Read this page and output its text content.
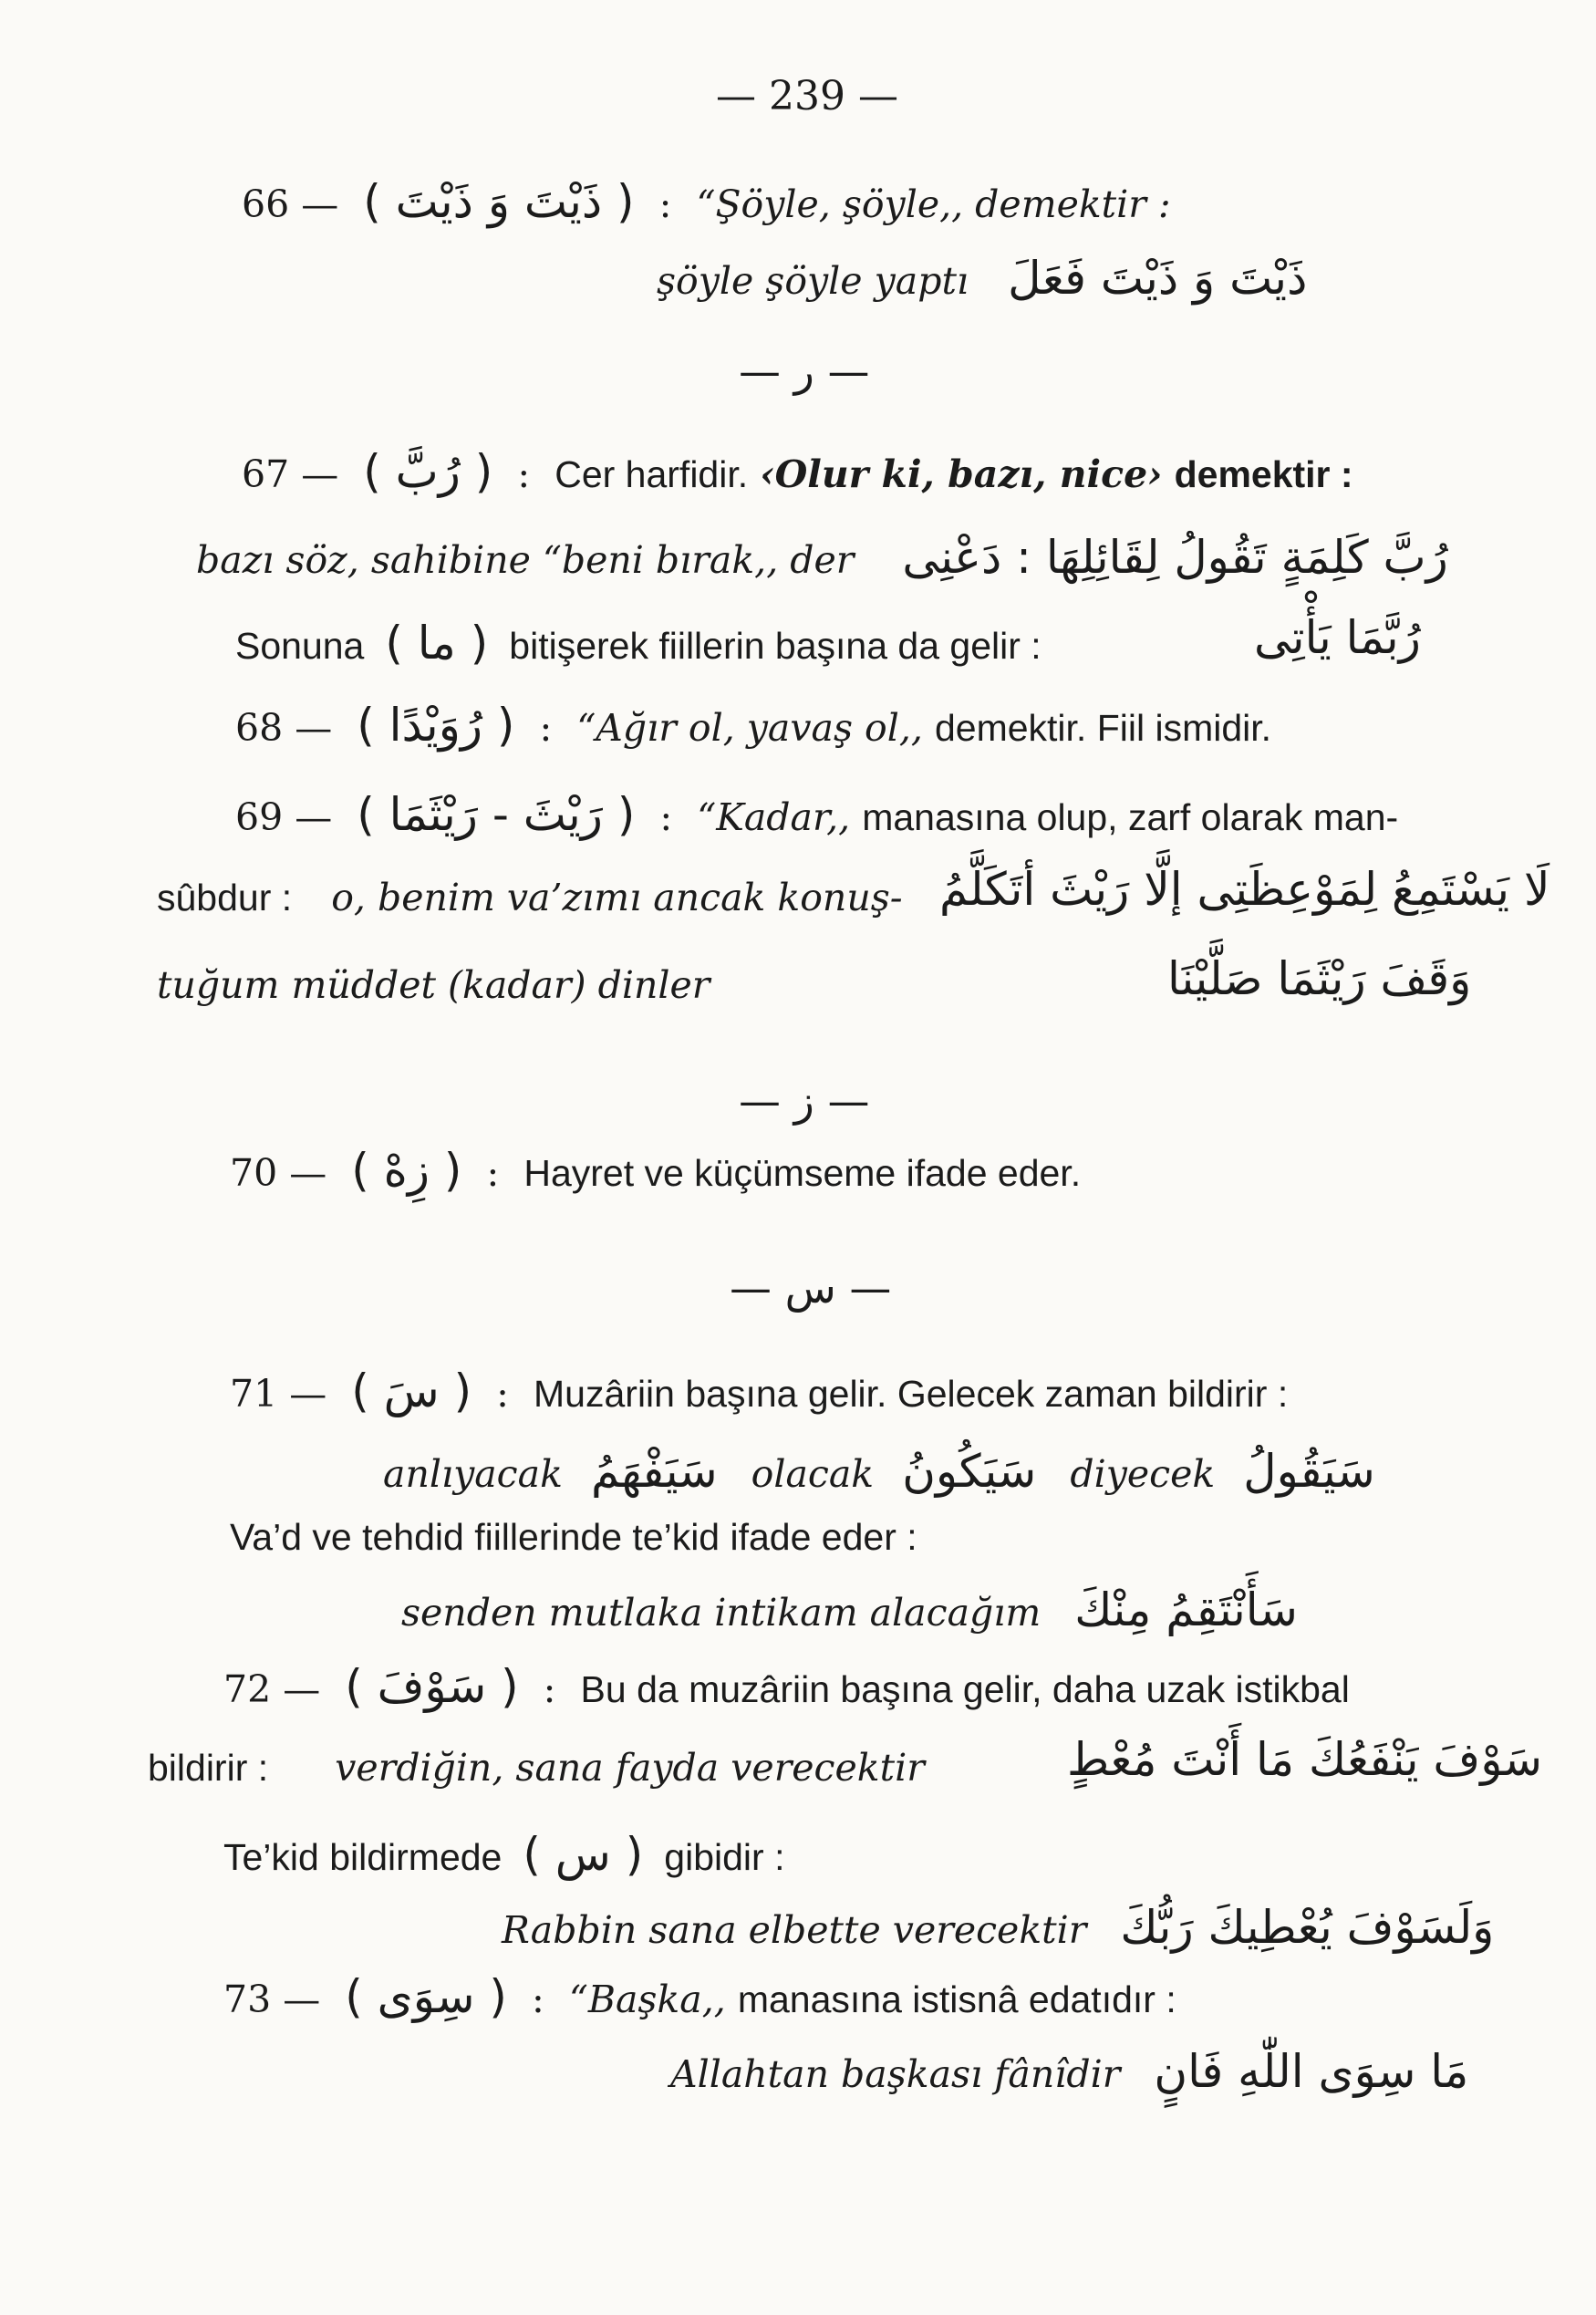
— 239 —
66 — ( ذَيْتَ وَ ذَيْتَ ) : “Şöyle, şöyle,, demektir :
şöyle şöyle yaptı ذَيْتَ وَ ذَيْتَ فَعَلَ
— ر —
67 — ( رُبَّ ) : Cer harfidir. ‹Olur ki, bazı, nice› demektir :
bazı söz, sahibine “beni bırak,, der رُبَّ كَلِمَةٍ تَقُولُ لِقَائِلِهَا : دَعْنِى
Sonuna ( ما ) bitişerek fiillerin başına da gelir :	رُبَّمَا يَأْتِى
68 — ( رُوَيْدًا ) : “Ağır ol, yavaş ol,, demektir. Fiil ismidir.
69 — ( رَيْثَ - رَيْثَمَا ) : “Kadar,, manasına olup, zarf olarak man-
sûbdur : o, benim va’zımı ancak konuş- لَا يَسْتَمِعُ لِمَوْعِظَتِى إلَّا رَيْثَ أتَكَلَّمُ
tuğum müddet (kadar) dinler	وَقَفَ رَيْثَمَا صَلَّيْنَا
— ز —
70 — ( زِهْ ) : Hayret ve küçümseme ifade eder.
— س —
71 — ( سَ ) : Muzâriin başına gelir. Gelecek zaman bildirir :
anlıyacak سَيَفْهَمُ olacak سَيَكُونُ diyecek سَيَقُولُ
Va’d ve tehdid fiillerinde te’kid ifade eder :
senden mutlaka intikam alacağım سَأَنْتَقِمُ مِنْكَ
72 — ( سَوْفَ ) : Bu da muzâriin başına gelir, daha uzak istikbal
bildirir : verdiğin, sana fayda verecektir	سَوْفَ يَنْفَعُكَ مَا أَنْتَ مُعْطٍ
Te’kid bildirmede ( س ) gibidir :
Rabbin sana elbette verecektir وَلَسَوْفَ يُعْطِيكَ رَبُّكَ
73 — ( سِوَى ) : “Başka,, manasına istisnâ edatıdır :
Allahtan başkası fânîdir مَا سِوَى اللّٰهِ فَانٍ
